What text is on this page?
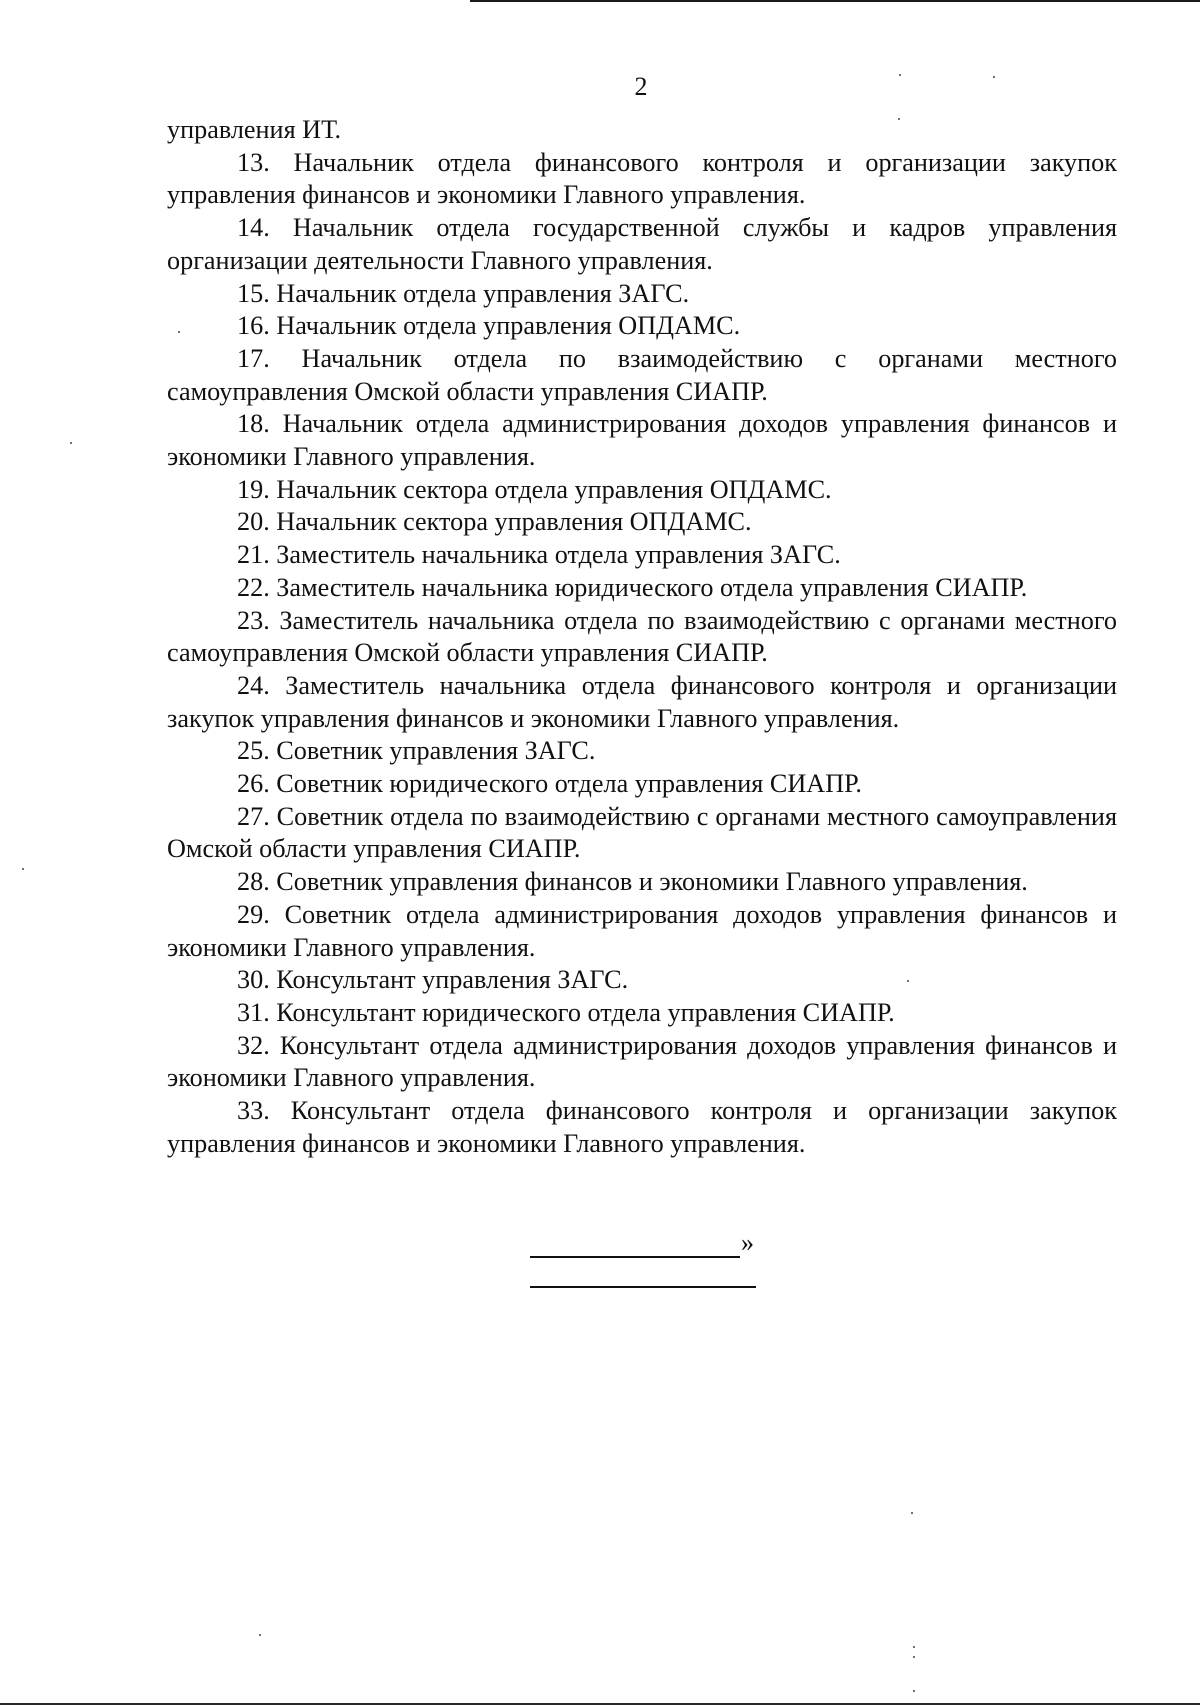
2

управления ИТ.

13. Начальник отдела финансового контроля и организации закупок управления финансов и экономики Главного управления.

14. Начальник отдела государственной службы и кадров управления организации деятельности Главного управления.

15. Начальник отдела управления ЗАГС.

16. Начальник отдела управления ОПДАМС.

17. Начальник отдела по взаимодействию с органами местного самоуправления Омской области управления СИАПР.

18. Начальник отдела администрирования доходов управления финансов и экономики Главного управления.

19. Начальник сектора отдела управления ОПДАМС.

20. Начальник сектора управления ОПДАМС.

21. Заместитель начальника отдела управления ЗАГС.

22. Заместитель начальника юридического отдела управления СИАПР.

23. Заместитель начальника отдела по взаимодействию с органами местного самоуправления Омской области управления СИАПР.

24. Заместитель начальника отдела финансового контроля и организации закупок управления финансов и экономики Главного управления.

25. Советник управления ЗАГС.

26. Советник юридического отдела управления СИАПР.

27. Советник отдела по взаимодействию с органами местного самоуправления Омской области управления СИАПР.

28. Советник управления финансов и экономики Главного управления.

29. Советник отдела администрирования доходов управления финансов и экономики Главного управления.

30. Консультант управления ЗАГС.

31. Консультант юридического отдела управления СИАПР.

32. Консультант отдела администрирования доходов управления финансов и экономики Главного управления.

33. Консультант отдела финансового контроля и организации закупок управления финансов и экономики Главного управления.

»
